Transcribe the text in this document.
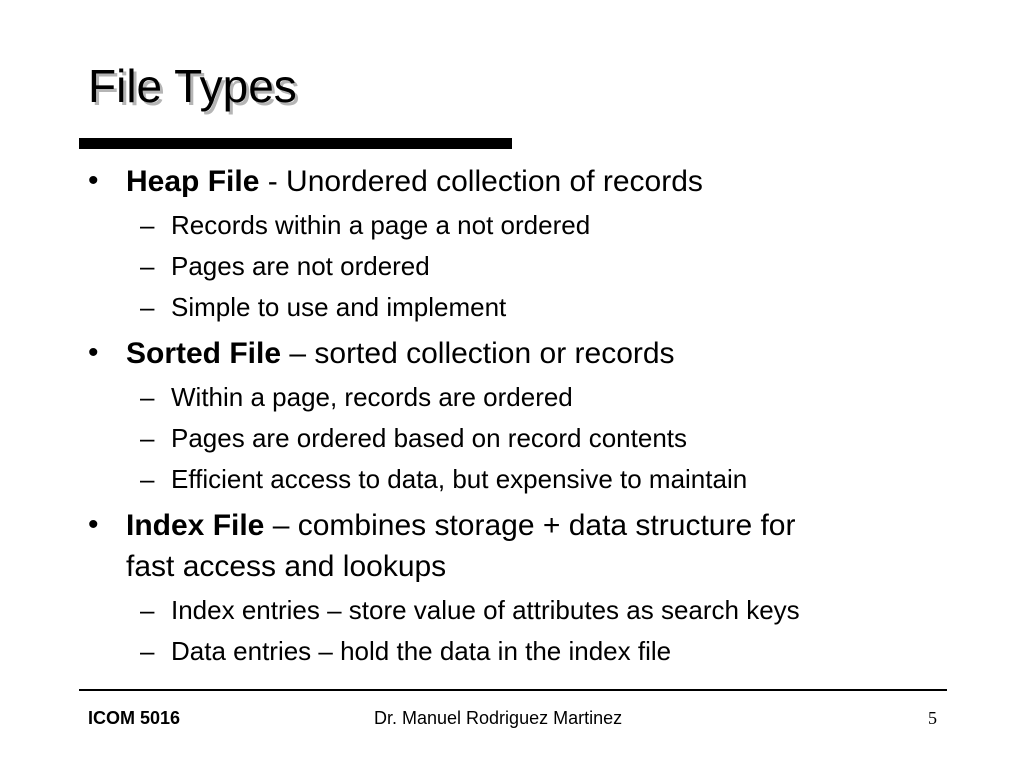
File Types
• Heap File - Unordered collection of records
– Records within a page a not ordered
– Pages are not ordered
– Simple to use and implement
• Sorted File – sorted collection or records
– Within a page, records are ordered
– Pages are ordered based on record contents
– Efficient access to data, but expensive to maintain
• Index File – combines storage + data structure for
fast access and lookups
– Index entries – store value of attributes as search keys
– Data entries – hold the data in the index file
ICOM 5016	Dr. Manuel Rodriguez Martinez	5
